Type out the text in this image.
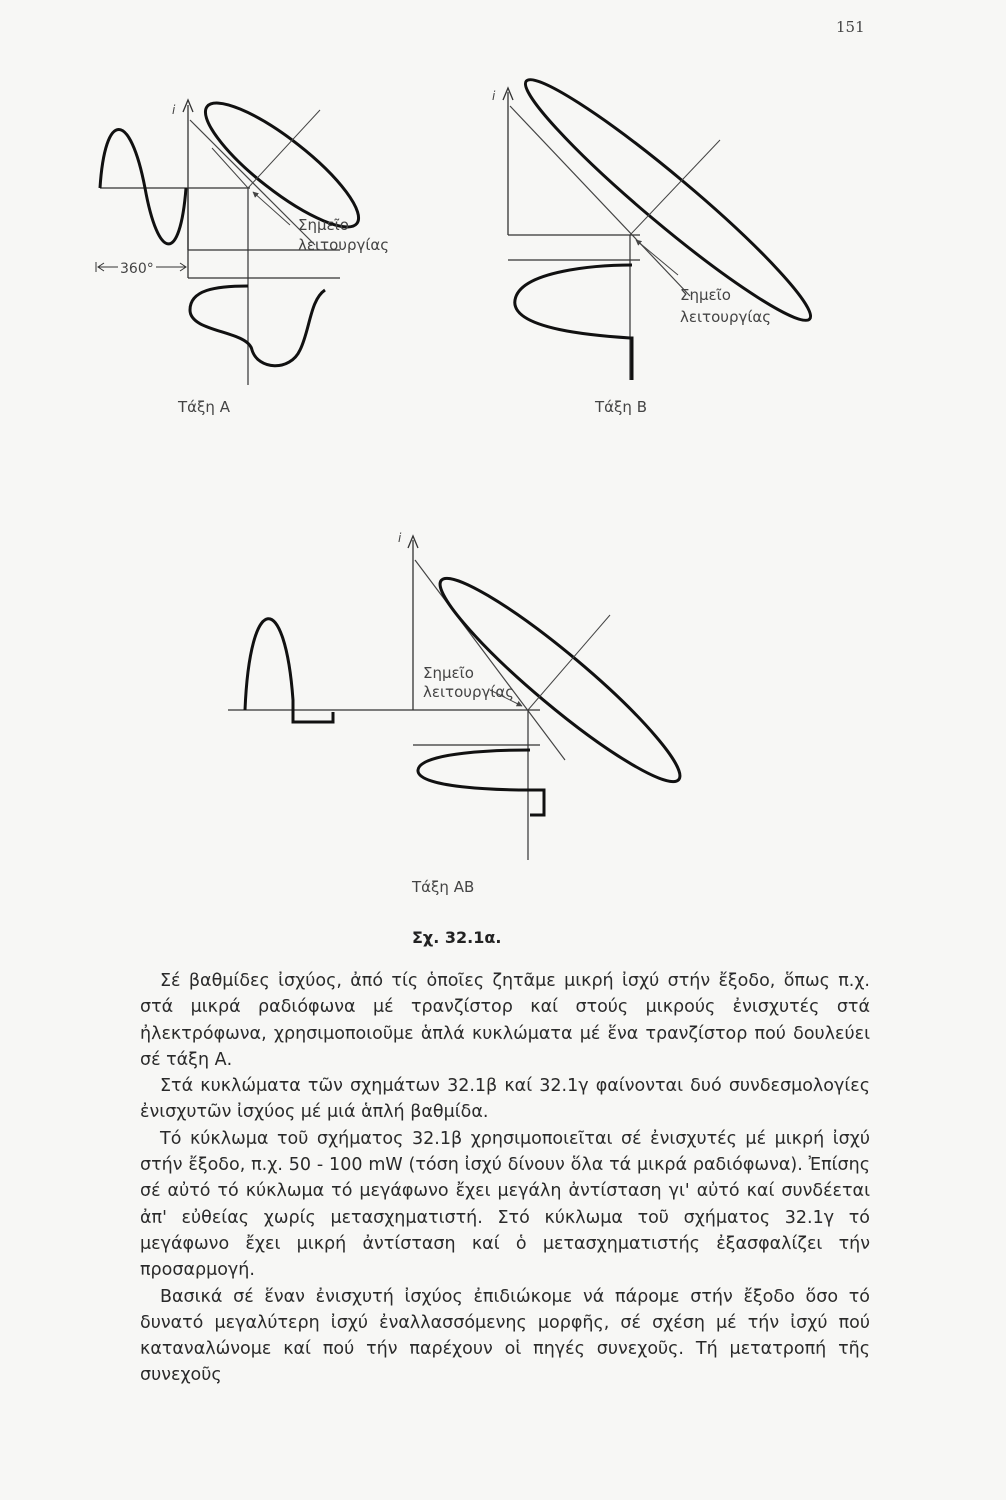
151
360°
i
Σημεῖο
λειτουργίας
Τάξη Α
i
Σημεῖο
λειτουργίας
Τάξη Β
i
Σημεῖο
λειτουργίας
Τάξη ΑΒ
Σχ. 32.1α.

Σέ βαθμίδες ἰσχύος, ἀπό τίς ὁποῖες ζητᾶμε μικρή ἰσχύ στήν ἔξοδο, ὅπως π.χ. στά μικρά ραδιόφωνα μέ τρανζίστορ καί στούς μικρούς ἐνισχυτές στά ἠλεκτρόφωνα, χρησιμοποιοῦμε ἁπλά κυκλώματα μέ ἕνα τρανζίστορ πού δουλεύει σέ τάξη Α.

Στά κυκλώματα τῶν σχημάτων 32.1β καί 32.1γ φαίνονται δυό συνδεσμολογίες ἐνισχυτῶν ἰσχύος μέ μιά ἁπλή βαθμίδα.

Τό κύκλωμα τοῦ σχήματος 32.1β χρησιμοποιεῖται σέ ἐνισχυτές μέ μικρή ἰσχύ στήν ἔξοδο, π.χ. 50 - 100 mW (τόση ἰσχύ δίνουν ὅλα τά μικρά ραδιόφωνα). Ἐπίσης σέ αὐτό τό κύκλωμα τό μεγάφωνο ἔχει μεγάλη ἀντίσταση γι' αὐτό καί συνδέεται ἀπ' εὐθείας χωρίς μετασχηματιστή. Στό κύκλωμα τοῦ σχήματος 32.1γ τό μεγάφωνο ἔχει μικρή ἀντίσταση καί ὁ μετασχηματιστής ἐξασφαλίζει τήν προσαρμογή.

Βασικά σέ ἕναν ἐνισχυτή ἰσχύος ἐπιδιώκομε νά πάρομε στήν ἔξοδο ὅσο τό δυνατό μεγαλύτερη ἰσχύ ἐναλλασσόμενης μορφῆς, σέ σχέση μέ τήν ἰσχύ πού καταναλώνομε καί πού τήν παρέχουν οἱ πηγές συνεχοῦς. Τή μετατροπή τῆς συνεχοῦς
